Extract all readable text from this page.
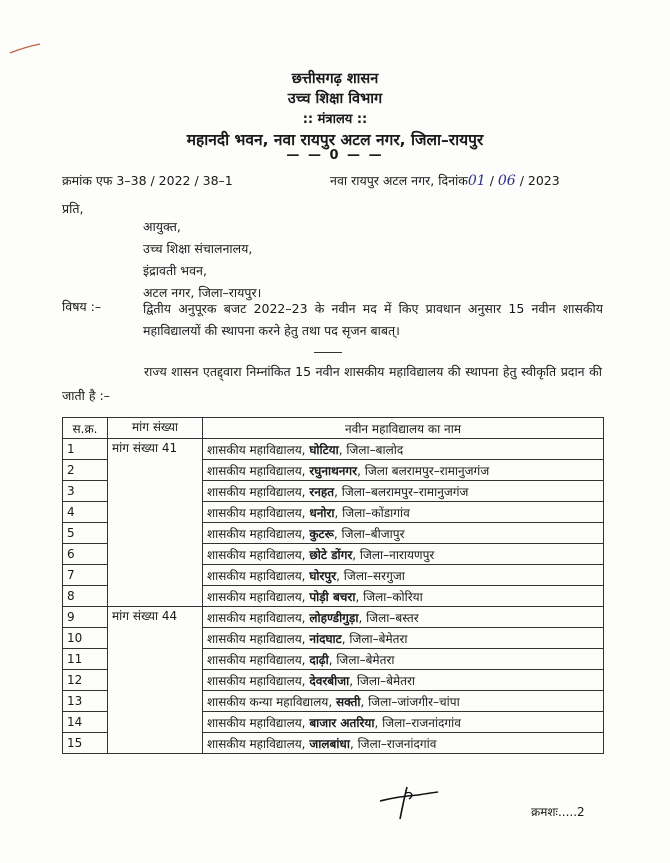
छत्तीसगढ़ शासन
उच्च शिक्षा विभाग
:: मंत्रालय ::
महानदी भवन, नवा रायपुर अटल नगर, जिला–रायपुर
— — 0 — —
क्रमांक एफ 3–38 / 2022 / 38–1	नवा रायपुर अटल नगर, दिनांक01 / 06 / 2023
प्रति,
आयुक्त,
उच्च शिक्षा संचालनालय,
इंद्रावती भवन,
विषय :–	द्वितीय अनुपूरक बजट 2022–23 के नवीन मद में किए प्रावधान अनुसार 15 नवीन शासकीय महाविद्यालयों की स्थापना करने हेतु तथा पद सृजन बाबत्।
राज्य शासन एतद्द्वारा निम्नांकित 15 नवीन शासकीय महाविद्यालय की स्थापना हेतु स्वीकृति प्रदान की जाती है :–
स.क्र.	मांग संख्या	नवीन महाविद्यालय का नाम
1	मांग संख्या 41	शासकीय महाविद्यालय, घोटिया, जिला–बालोद
2		शासकीय महाविद्यालय, रघुनाथनगर, जिला बलरामपुर–रामानुजगंज
3		शासकीय महाविद्यालय, रनहत, जिला–बलरामपुर–रामानुजगंज
4		शासकीय महाविद्यालय, धनोरा, जिला–कोंडागांव
5		शासकीय महाविद्यालय, कुटरू, जिला–बीजापुर
6		शासकीय महाविद्यालय, छोटे डोंगर, जिला–नारायणपुर
7		शासकीय महाविद्यालय, घोरपुर, जिला–सरगुजा
8		शासकीय महाविद्यालय, पोड़ी बचरा, जिला–कोरिया
9	मांग संख्या 44	शासकीय महाविद्यालय, लोहण्डीगुड़ा, जिला–बस्तर
10		शासकीय महाविद्यालय, नांदघाट, जिला–बेमेतरा
11		शासकीय महाविद्यालय, दाढ़ी, जिला–बेमेतरा
12		शासकीय महाविद्यालय, देवरबीजा, जिला–बेमेतरा
13		शासकीय कन्या महाविद्यालय, सक्ती, जिला–जांजगीर–चांपा
14		शासकीय महाविद्यालय, बाजार अतरिया, जिला–राजनांदगांव
15		शासकीय महाविद्यालय, जालबांधा, जिला–राजनांदगांव
क्रमशः.....2
अटल नगर, जिला–रायपुर।
